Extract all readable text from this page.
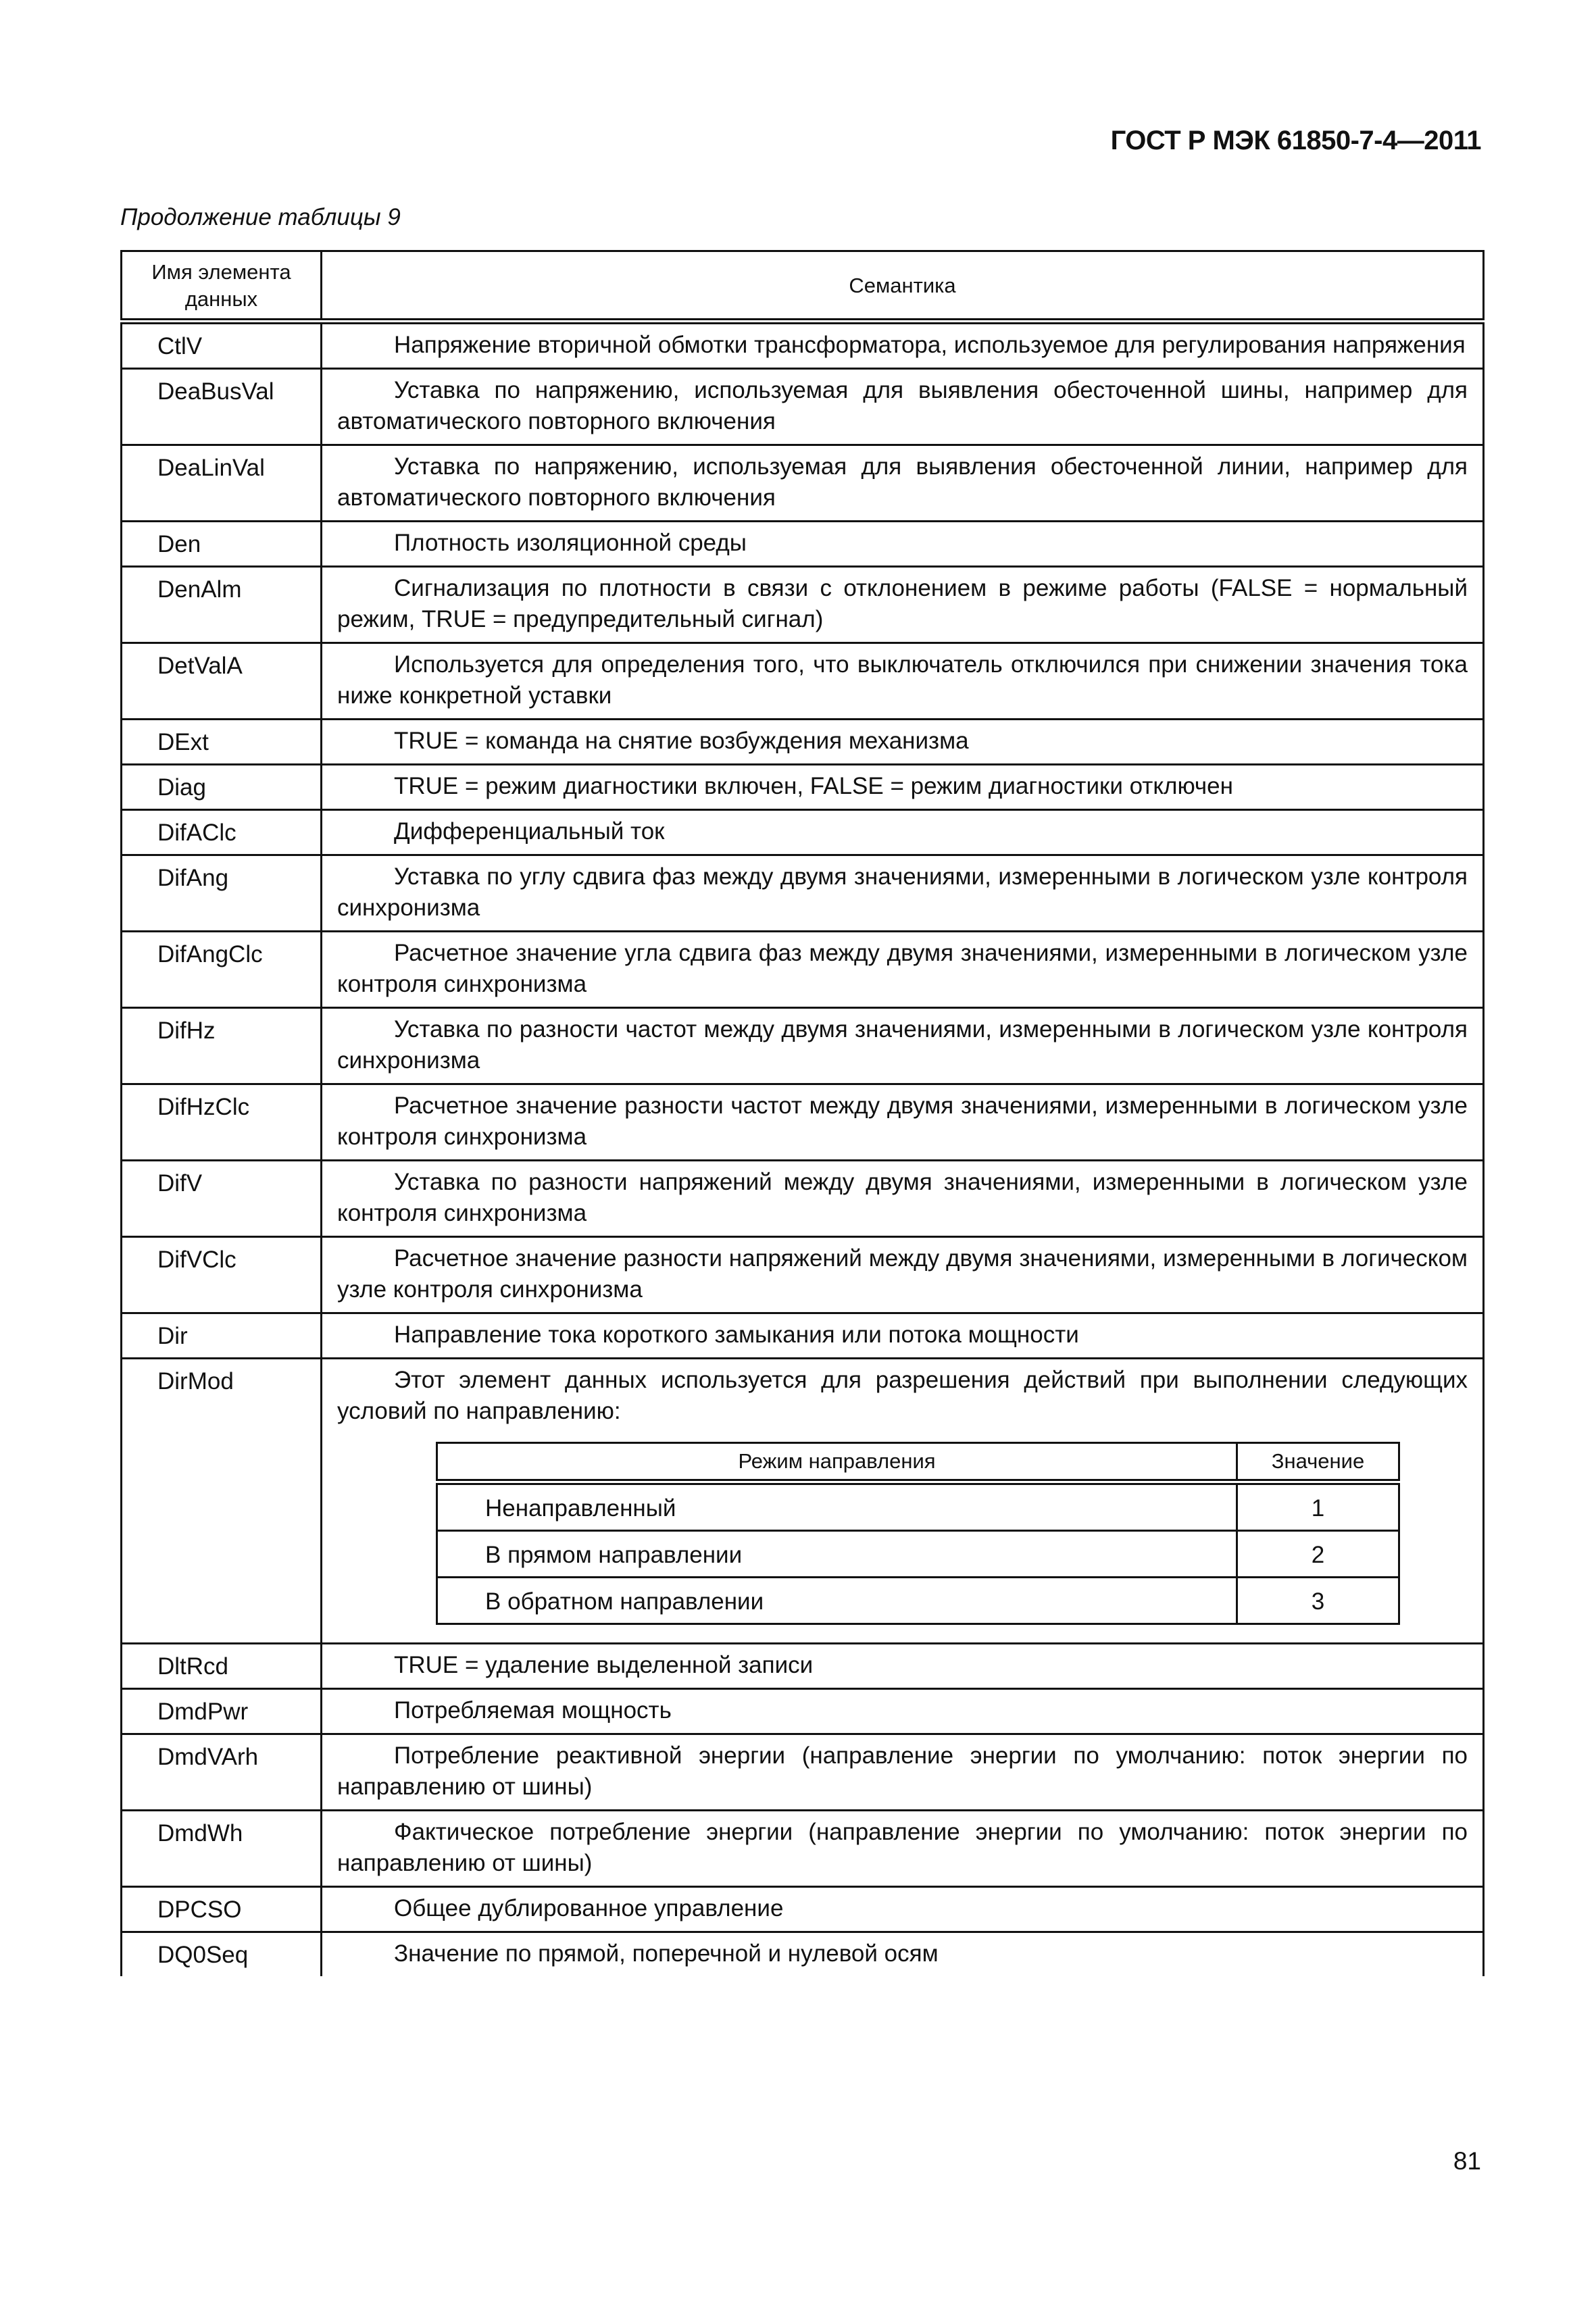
ГОСТ Р МЭК 61850-7-4—2011
Продолжение таблицы 9
Имя элемента данных	Семантика
CtlV	Напряжение вторичной обмотки трансформатора, используемое для регулирования напряжения

DeaBusVal	Уставка по напряжению, используемая для выявления обесточенной шины, например для автоматического повторного включения

DeaLinVal	Уставка по напряжению, используемая для выявления обесточенной линии, например для автоматического повторного включения

Den	Плотность изоляционной среды

DenAlm	Сигнализация по плотности в связи с отклонением в режиме работы (FALSE = нормальный режим, TRUE = предупредительный сигнал)

DetValA	Используется для определения того, что выключатель отключился при снижении значения тока ниже конкретной уставки

DExt	TRUE = команда на снятие возбуждения механизма

Diag	TRUE = режим диагностики включен, FALSE = режим диагностики отключен

DifAClc	Дифференциальный ток

DifAng	Уставка по углу сдвига фаз между двумя значениями, измеренными в логическом узле контроля синхронизма

DifAngClc	Расчетное значение угла сдвига фаз между двумя значениями, измеренными в логическом узле контроля синхронизма

DifHz	Уставка по разности частот между двумя значениями, измеренными в логическом узле контроля синхронизма

DifHzClc	Расчетное значение разности частот между двумя значениями, измеренными в логическом узле контроля синхронизма

DifV	Уставка по разности напряжений между двумя значениями, измеренными в логическом узле контроля синхронизма

DifVClc	Расчетное значение разности напряжений между двумя значениями, измеренными в логическом узле контроля синхронизма

Dir	Направление тока короткого замыкания или потока мощности

DirMod	Этот элемент данных используется для разрешения действий при выполнении следующих условий по направлению:

Режим направления	Значение
Ненаправленный	1
В прямом направлении	2
В обратном направлении	3

DltRcd	TRUE = удаление выделенной записи

DmdPwr	Потребляемая мощность

DmdVArh	Потребление реактивной энергии (направление энергии по умолчанию: поток энергии по направлению от шины)

DmdWh	Фактическое потребление энергии (направление энергии по умолчанию: поток энергии по направлению от шины)

DPCSO	Общее дублированное управление

DQ0Seq	Значение по прямой, поперечной и нулевой осям

81
